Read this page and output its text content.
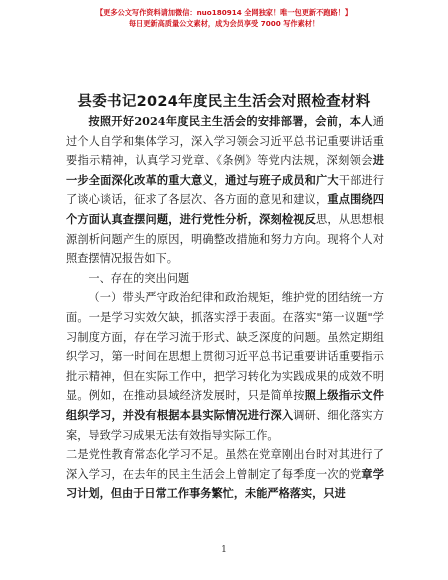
【更多公文写作资料请加微信：nuo180914 全网独家！唯一包更新不跑路！】
每日更新高质量公文素材，成为会员享受 7000 写作素材！
县委书记2024年度民主生活会对照检查材料

按照开好2024年度民主生活会的安排部署，会前，本人通过个人自学和集体学习，深入学习领会习近平总书记重要讲话重要指示精神，认真学习党章、《条例》等党内法规，深刻领会进一步全面深化改革的重大意义，通过与班子成员和广大干部进行了谈心谈话，征求了各层次、各方面的意见和建议，重点围绕四个方面认真查摆问题，进行党性分析，深刻检视反思，从思想根源剖析问题产生的原因，明确整改措施和努力方向。现将个人对照查摆情况报告如下。

一、存在的突出问题

（一）带头严守政治纪律和政治规矩，维护党的团结统一方面。一是学习实效欠缺，抓落实浮于表面。在落实"第一议题"学习制度方面，存在学习流于形式、缺乏深度的问题。虽然定期组织学习，第一时间在思想上贯彻习近平总书记重要讲话重要指示批示精神，但在实际工作中，把学习转化为实践成果的成效不明显。例如，在推动县域经济发展时，只是简单按照上级指示文件组织学习，并没有根据本县实际情况进行深入调研、细化落实方案，导致学习成果无法有效指导实际工作。

二是党性教育常态化学习不足。虽然在党章刚出台时对其进行了深入学习，在去年的民主生活会上曾制定了每季度一次的党章学习计划，但由于日常工作事务繁忙，未能严格落实，只进

1
